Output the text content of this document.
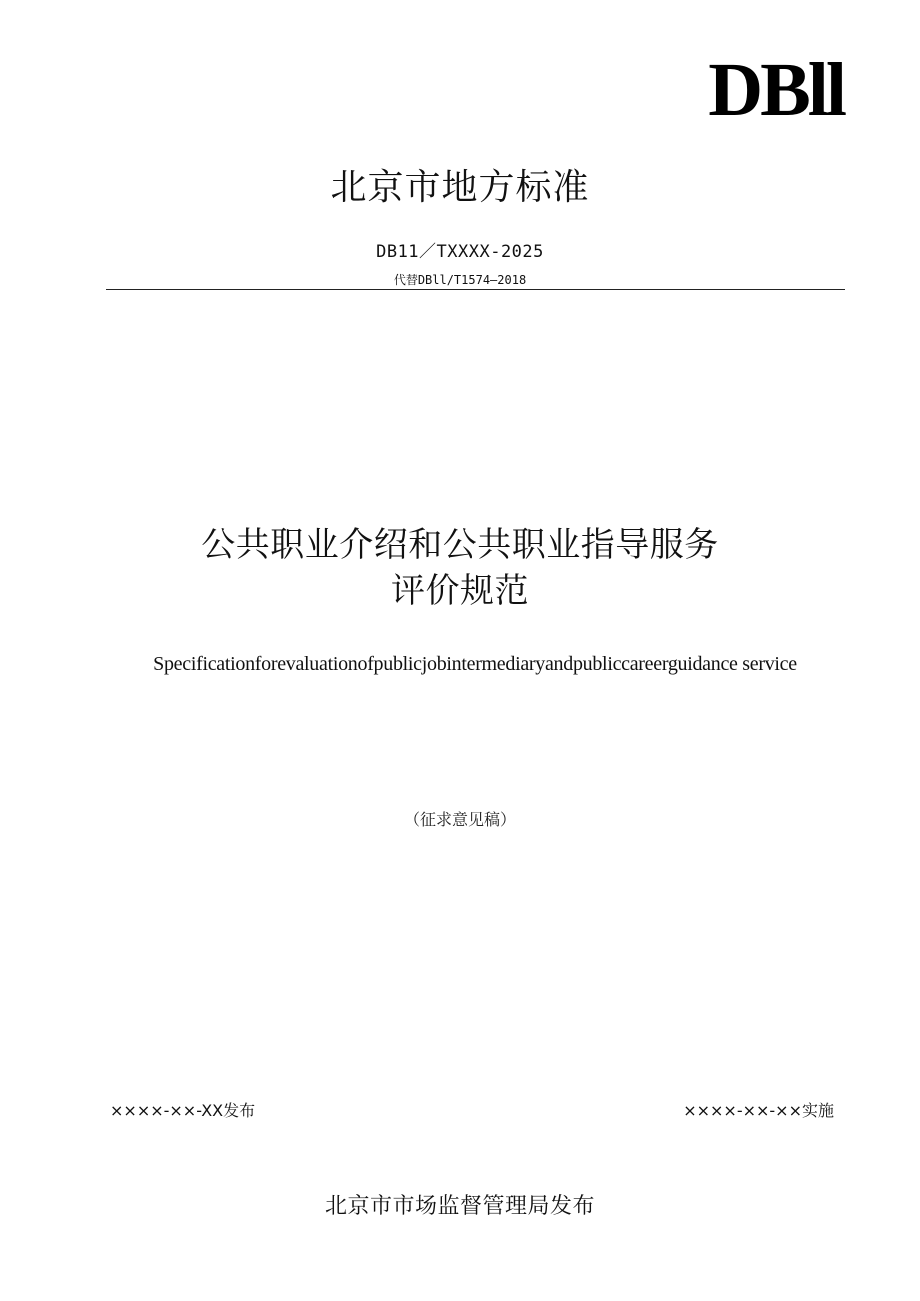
DBll
北京市地方标准
DB11／TXXXX-2025
代替DBll/T1574—2018
公共职业介绍和公共职业指导服务
评价规范
Specificationforevaluationofpublicjobintermediaryandpubliccareerguidance service
（征求意见稿）
××××-××-XX发布	××××-××-××实施
北京市市场监督管理局发布
